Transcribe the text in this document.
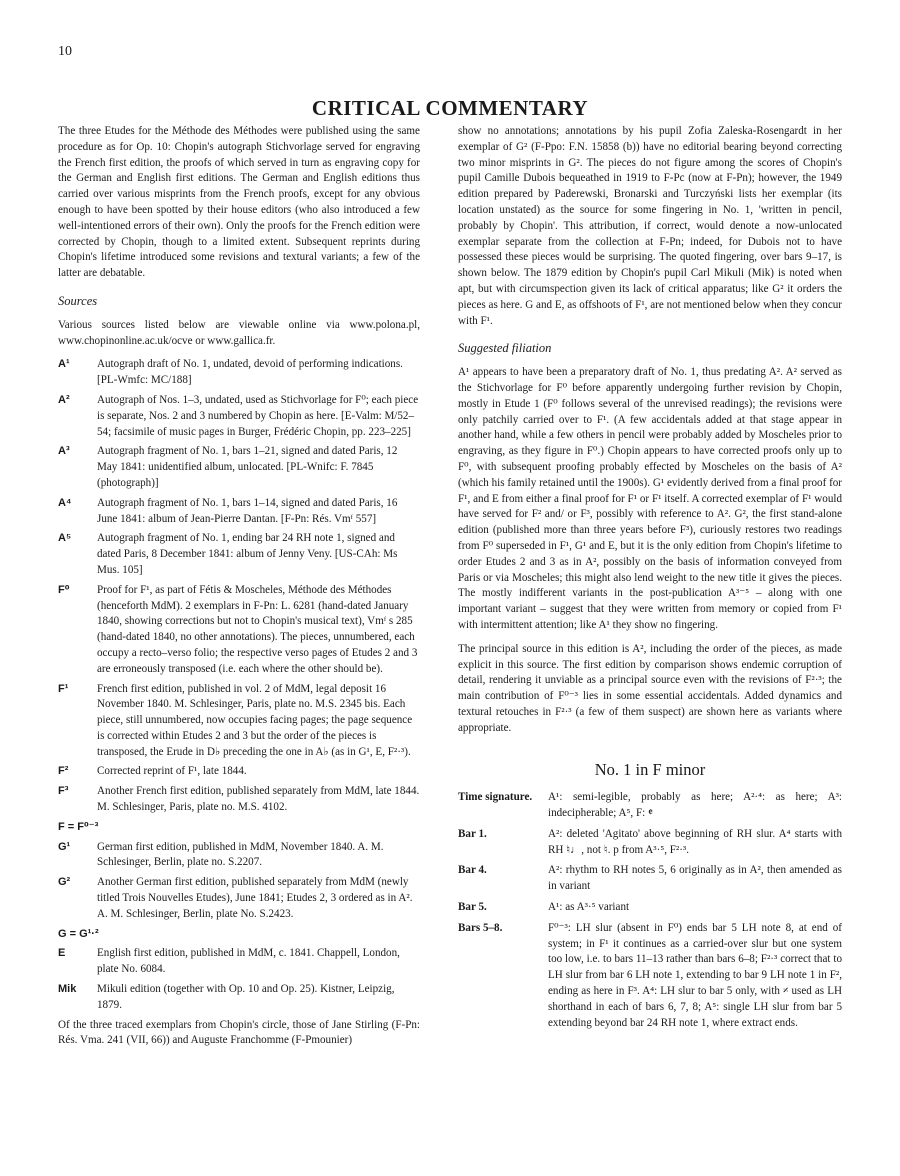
10
CRITICAL COMMENTARY

The three Etudes for the Méthode des Méthodes were published using the same procedure as for Op. 10: Chopin's autograph Stichvorlage served for engraving the French first edition, the proofs of which served in turn as engraving copy for the German and English first editions. The German and English editions thus carried over various misprints from the French proofs, except for any obvious enough to have been spotted by their house editors (who also introduced a few well-intentioned errors of their own). Only the proofs for the French edition were corrected by Chopin, though to a limited extent. Subsequent reprints during Chopin's lifetime introduced some revisions and textural variants; a few of the latter are debatable.

Sources

Various sources listed below are viewable online via www.polona.pl, www.chopinonline.ac.uk/ocve or www.gallica.fr.

A¹	Autograph draft of No. 1, undated, devoid of performing indications. [PL-Wmfc: MC/188]
A²	Autograph of Nos. 1–3, undated, used as Stichvorlage for F⁰; each piece is separate, Nos. 2 and 3 numbered by Chopin as here. [E-Valm: M/52–54; facsimile of music pages in Burger, Frédéric Chopin, pp. 223–225]
A³	Autograph fragment of No. 1, bars 1–21, signed and dated Paris, 12 May 1841: unidentified album, unlocated. [PL-Wnifc: F. 7845 (photograph)]
A⁴	Autograph fragment of No. 1, bars 1–14, signed and dated Paris, 16 June 1841: album of Jean-Pierre Dantan. [F-Pn: Rés. Vmᶠ 557]
A⁵	Autograph fragment of No. 1, ending bar 24 RH note 1, signed and dated Paris, 8 December 1841: album of Jenny Veny. [US-CAh: Ms Mus. 105]
F⁰	Proof for F¹, as part of Fétis & Moscheles, Méthode des Méthodes (henceforth MdM). 2 exemplars in F-Pn: L. 6281 (hand-dated January 1840, showing corrections but not to Chopin's musical text), Vmᶠ s 285 (hand-dated 1840, no other annotations). The pieces, unnumbered, each occupy a recto–verso folio; the respective verso pages of Etudes 2 and 3 are erroneously transposed (i.e. each where the other should be).
F¹	French first edition, published in vol. 2 of MdM, legal deposit 16 November 1840. M. Schlesinger, Paris, plate no. M.S. 2345 bis. Each piece, still unnumbered, now occupies facing pages; the page sequence is corrected within Etudes 2 and 3 but the order of the pieces is transposed, the Erude in D♭ preceding the one in A♭ (as in G¹, E, F²·³).
F²	Corrected reprint of F¹, late 1844.
F³	Another French first edition, published separately from MdM, late 1844. M. Schlesinger, Paris, plate no. M.S. 4102.
F = F⁰⁻³
G¹	German first edition, published in MdM, November 1840. A. M. Schlesinger, Berlin, plate no. S.2207.
G²	Another German first edition, published separately from MdM (newly titled Trois Nouvelles Etudes), June 1841; Etudes 2, 3 ordered as in A². A. M. Schlesinger, Berlin, plate No. S.2423.
G = G¹·²
E	English first edition, published in MdM, c. 1841. Chappell, London, plate No. 6084.
Mik	Mikuli edition (together with Op. 10 and Op. 25). Kistner, Leipzig, 1879.

Of the three traced exemplars from Chopin's circle, those of Jane Stirling (F-Pn: Rés. Vma. 241 (VII, 66)) and Auguste Franchomme (F-Pmounier)

show no annotations; annotations by his pupil Zofia Zaleska-Rosengardt in her exemplar of G² (F-Ppo: F.N. 15858 (b)) have no editorial bearing beyond correcting two minor misprints in G². The pieces do not figure among the scores of Chopin's pupil Camille Dubois bequeathed in 1919 to F-Pc (now at F-Pn); however, the 1949 edition prepared by Paderewski, Bronarski and Turczyński lists her exemplar (its location unstated) as the source for some fingering in No. 1, 'written in pencil, probably by Chopin'. This attribution, if correct, would denote a now-unlocated exemplar separate from the collection at F-Pn; indeed, for Dubois not to have possessed these pieces would be surprising. The quoted fingering, over bars 9–17, is shown below. The 1879 edition by Chopin's pupil Carl Mikuli (Mik) is noted when apt, but with circumspection given its lack of critical apparatus; like G² it orders the pieces as here. G and E, as offshoots of F¹, are not mentioned below when they concur with F¹.

Suggested filiation

A¹ appears to have been a preparatory draft of No. 1, thus predating A². A² served as the Stichvorlage for F⁰ before apparently undergoing further revision by Chopin, mostly in Etude 1 (F⁰ follows several of the unrevised readings); the revisions were only patchily carried over to F¹. (A few accidentals added at that stage appear in another hand, while a few others in pencil were probably added by Moscheles prior to engraving, as they figure in F⁰.) Chopin appears to have corrected proofs only up to F⁰, with subsequent proofing probably effected by Moscheles on the basis of A² (which his family retained until the 1900s). G¹ evidently derived from a final proof for F¹, and E from either a final proof for F¹ or F¹ itself. A corrected exemplar of F¹ would have served for F² and/ or F³, possibly with reference to A². G², the first stand-alone edition (published more than three years before F³), curiously restores two readings from F⁰ superseded in F¹, G¹ and E, but it is the only edition from Chopin's lifetime to order Etudes 2 and 3 as in A², possibly on the basis of information conveyed from Paris or via Moscheles; this might also lend weight to the new title it gives the pieces. The mostly indifferent variants in the post-publication A³⁻⁵ – along with one important variant – suggest that they were written from memory or copied from F¹ with intermittent attention; like A¹ they show no fingering.

The principal source in this edition is A², including the order of the pieces, as made explicit in this source. The first edition by comparison shows endemic corruption of detail, rendering it unviable as a principal source even with the revisions of F²·³; the main contribution of F⁰⁻³ lies in some essential accidentals. Added dynamics and textural retouches in F²·³ (a few of them suspect) are shown here as variants where appropriate.

No. 1 in F minor
Time signature.	A¹: semi-legible, probably as here; A²·⁴: as here; A³: indecipherable; A⁵, F: 𝄵
Bar 1.	A²: deleted 'Agitato' above beginning of RH slur. A⁴ starts with RH ♮♩, not ♮. p from A³·⁵, F²·³.
Bar 4.	A²: rhythm to RH notes 5, 6 originally as in A², then amended as in variant
Bar 5.	A¹: as A³·⁵ variant
Bars 5–8.	F⁰⁻³: LH slur (absent in F⁰) ends bar 5 LH note 8, at end of system; in F¹ it continues as a carried-over slur but one system too low, i.e. to bars 11–13 rather than bars 6–8; F²·³ correct that to LH slur from bar 6 LH note 1, extending to bar 9 LH note 1 in F², ending as here in F³. A⁴: LH slur to bar 5 only, with 𝄎 used as LH shorthand in each of bars 6, 7, 8; A⁵: single LH slur from bar 5 extending beyond bar 24 RH note 1, where extract ends.
